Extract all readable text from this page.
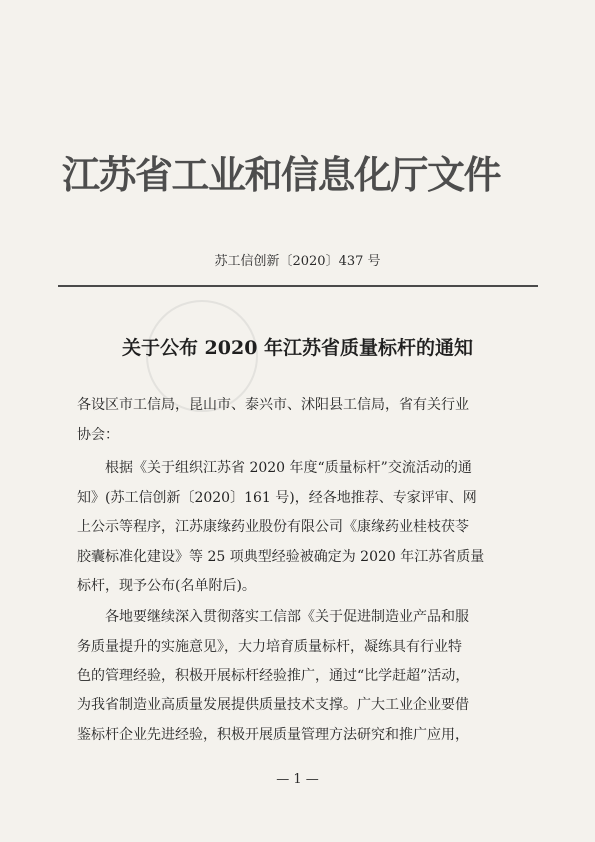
江苏省工业和信息化厅文件
苏工信创新〔2020〕437 号
关于公布 2020 年江苏省质量标杆的通知
各设区市工信局，昆山市、泰兴市、沭阳县工信局，省有关行业
协会：
根据《关于组织江苏省 2020 年度“质量标杆”交流活动的通
知》(苏工信创新〔2020〕161 号)，经各地推荐、专家评审、网
上公示等程序，江苏康缘药业股份有限公司《康缘药业桂枝茯苓
胶囊标准化建设》等 25 项典型经验被确定为 2020 年江苏省质量
标杆，现予公布(名单附后)。
各地要继续深入贯彻落实工信部《关于促进制造业产品和服
务质量提升的实施意见》，大力培育质量标杆，凝练具有行业特
色的管理经验，积极开展标杆经验推广，通过“比学赶超”活动，
为我省制造业高质量发展提供质量技术支撑。广大工业企业要借
鉴标杆企业先进经验，积极开展质量管理方法研究和推广应用，
— 1 —
